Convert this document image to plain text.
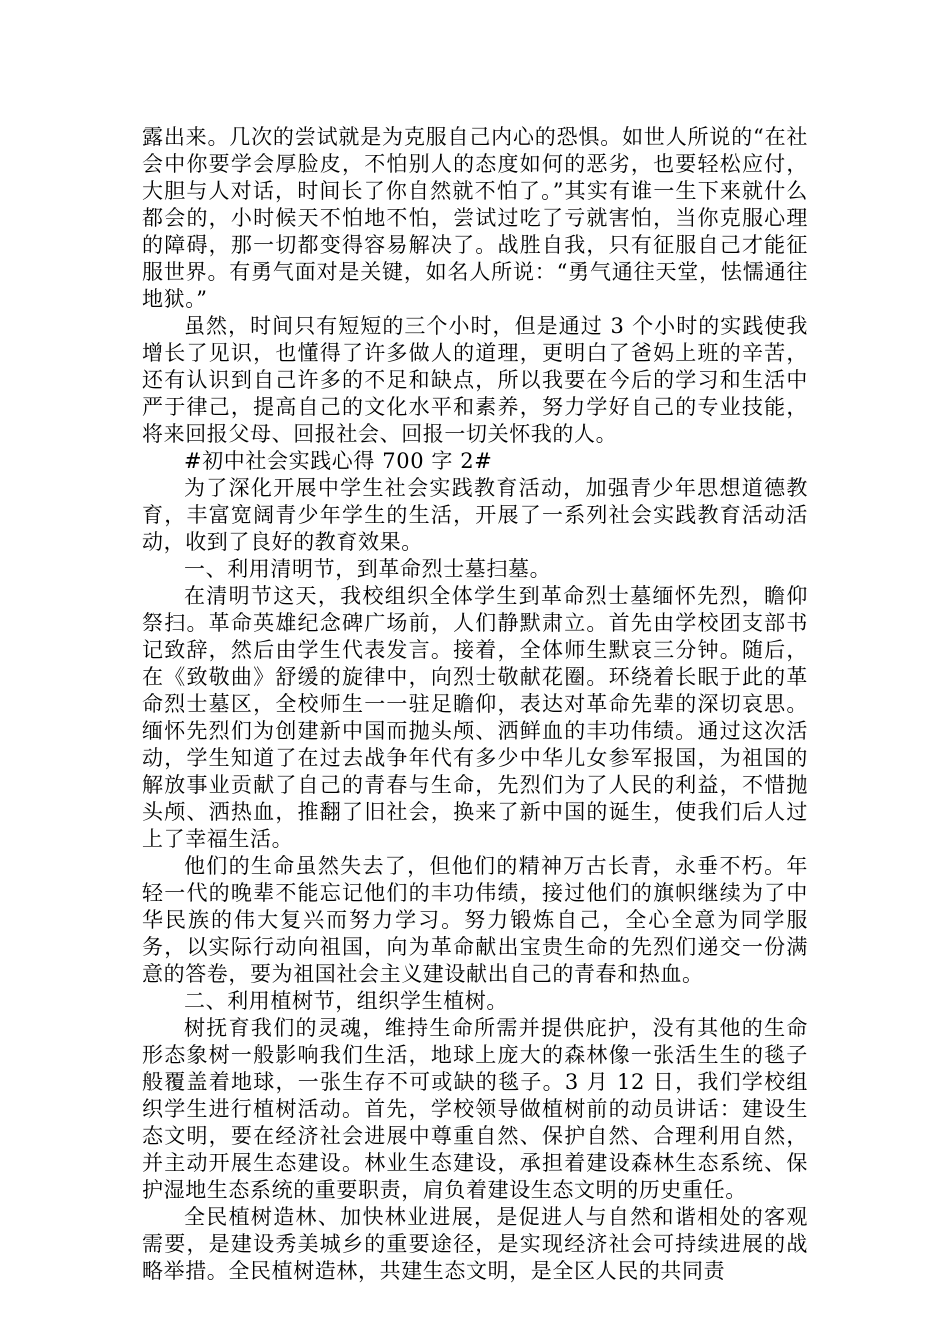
露出来。几次的尝试就是为克服自己内心的恐惧。如世人所说的“在社会中你要学会厚脸皮，不怕别人的态度如何的恶劣，也要轻松应付，大胆与人对话，时间长了你自然就不怕了。”其实有谁一生下来就什么都会的，小时候天不怕地不怕，尝试过吃了亏就害怕，当你克服心理的障碍，那一切都变得容易解决了。战胜自我，只有征服自己才能征服世界。有勇气面对是关键，如名人所说：“勇气通往天堂，怯懦通往地狱。”

虽然，时间只有短短的三个小时，但是通过 3 个小时的实践使我增长了见识，也懂得了许多做人的道理，更明白了爸妈上班的辛苦，还有认识到自己许多的不足和缺点，所以我要在今后的学习和生活中严于律己，提高自己的文化水平和素养，努力学好自己的专业技能，将来回报父母、回报社会、回报一切关怀我的人。

#初中社会实践心得 700 字 2#

为了深化开展中学生社会实践教育活动，加强青少年思想道德教育，丰富宽阔青少年学生的生活，开展了一系列社会实践教育活动活动，收到了良好的教育效果。

一、利用清明节，到革命烈士墓扫墓。

在清明节这天，我校组织全体学生到革命烈士墓缅怀先烈，瞻仰祭扫。革命英雄纪念碑广场前，人们静默肃立。首先由学校团支部书记致辞，然后由学生代表发言。接着，全体师生默哀三分钟。随后，在《致敬曲》舒缓的旋律中，向烈士敬献花圈。环绕着长眠于此的革命烈士墓区，全校师生一一驻足瞻仰，表达对革命先辈的深切哀思。缅怀先烈们为创建新中国而抛头颅、洒鲜血的丰功伟绩。通过这次活动，学生知道了在过去战争年代有多少中华儿女参军报国，为祖国的解放事业贡献了自己的青春与生命，先烈们为了人民的利益，不惜抛头颅、洒热血，推翻了旧社会，换来了新中国的诞生，使我们后人过上了幸福生活。

他们的生命虽然失去了，但他们的精神万古长青，永垂不朽。年轻一代的晚辈不能忘记他们的丰功伟绩，接过他们的旗帜继续为了中华民族的伟大复兴而努力学习。努力锻炼自己，全心全意为同学服务，以实际行动向祖国，向为革命献出宝贵生命的先烈们递交一份满意的答卷，要为祖国社会主义建设献出自己的青春和热血。

二、利用植树节，组织学生植树。

树抚育我们的灵魂，维持生命所需并提供庇护，没有其他的生命形态象树一般影响我们生活，地球上庞大的森林像一张活生生的毯子般覆盖着地球，一张生存不可或缺的毯子。3 月 12 日，我们学校组织学生进行植树活动。首先，学校领导做植树前的动员讲话：建设生态文明，要在经济社会进展中尊重自然、保护自然、合理利用自然，并主动开展生态建设。林业生态建设，承担着建设森林生态系统、保护湿地生态系统的重要职责，肩负着建设生态文明的历史重任。

全民植树造林、加快林业进展，是促进人与自然和谐相处的客观需要，是建设秀美城乡的重要途径，是实现经济社会可持续进展的战略举措。全民植树造林，共建生态文明，是全区人民的共同责
